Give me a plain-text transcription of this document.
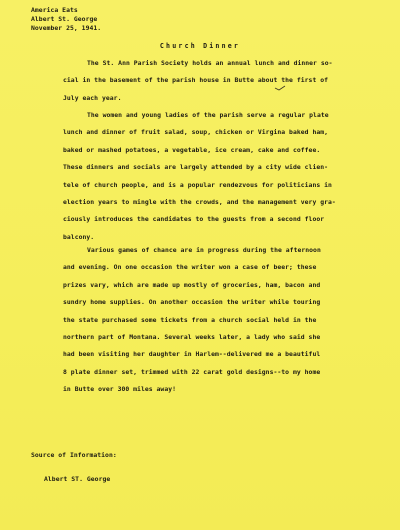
America Eats
Albert St. George
November 25, 1941.
Church Dinner
The St. Ann Parish Society holds an annual lunch and dinner so-
cial in the basement of the parish house in Butte about the first of
July each year.
The women and young ladies of the parish serve a regular plate
lunch and dinner of fruit salad, soup, chicken or Virgina baked ham,
baked or mashed potatoes, a vegetable, ice cream, cake and coffee.
These dinners and socials are largely attended by a city wide clien-
tele of church people, and is a popular rendezvous for politicians in
election years to mingle with the crowds, and the management very gra-
ciously introduces the candidates to the guests from a second floor
balcony.
Various games of chance are in progress during the afternoon
and evening. On one occasion the writer won a case of beer; these
prizes vary, which are made up mostly of groceries, ham, bacon and
sundry home supplies. On another occasion the writer while touring
the state purchased some tickets from a church social held in the
northern part of Montana. Several weeks later, a lady who said she
had been visiting her daughter in Harlem--delivered me a beautiful
8 plate dinner set, trimmed with 22 carat gold designs--to my home
in Butte over 300 miles away!
Source of Information:
Albert ST. George
